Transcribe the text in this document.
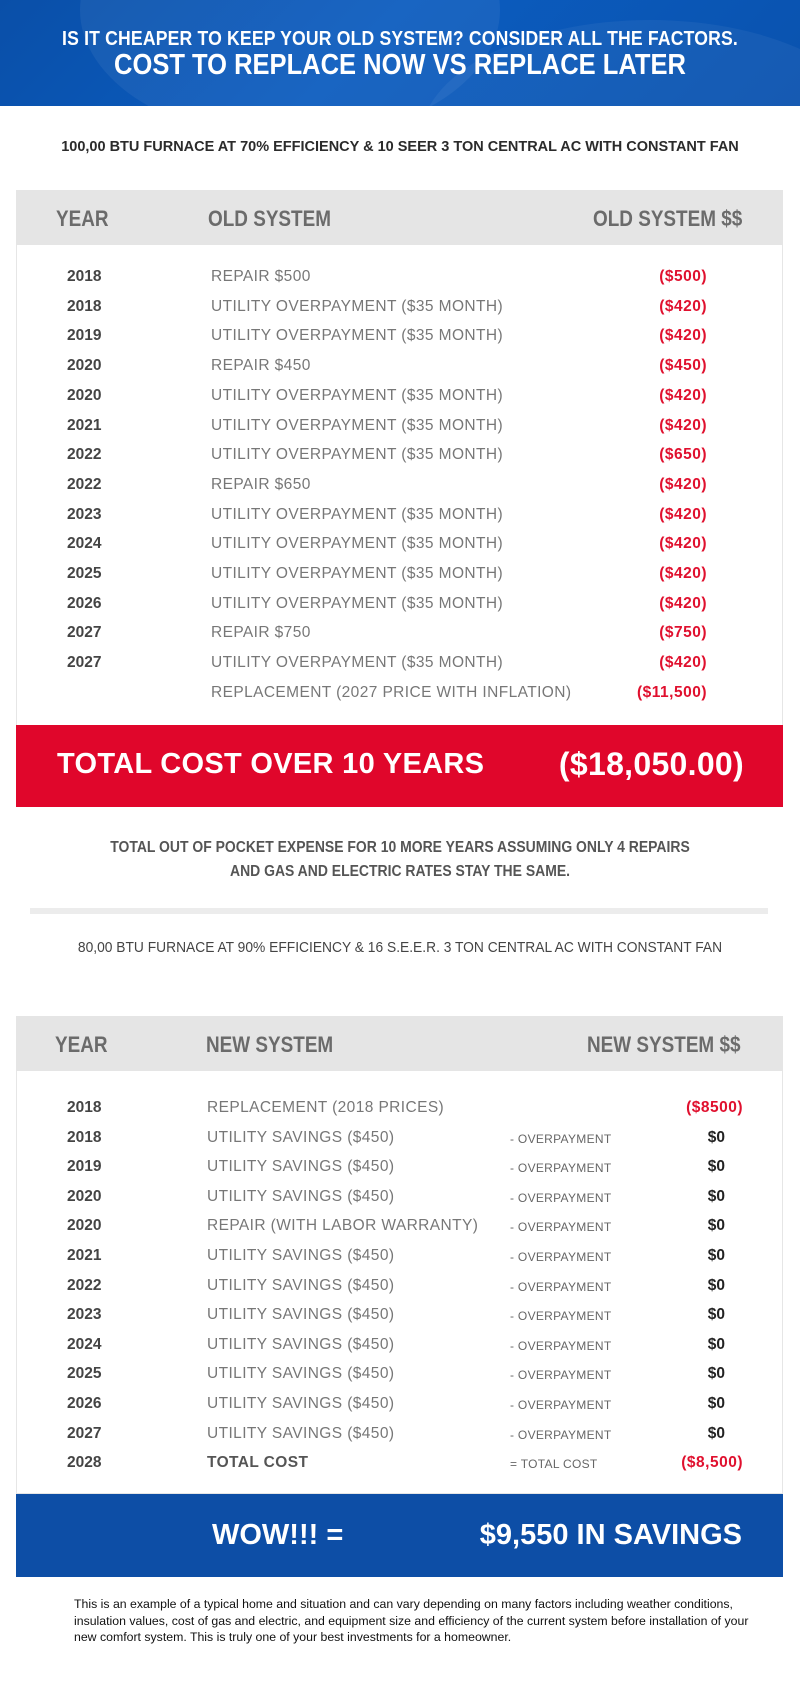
IS IT CHEAPER TO KEEP YOUR OLD SYSTEM? CONSIDER ALL THE FACTORS.
COST TO REPLACE NOW VS REPLACE LATER
100,00 BTU FURNACE AT 70% EFFICIENCY & 10 SEER 3 TON CENTRAL AC WITH CONSTANT FAN
YEAR	OLD SYSTEM	OLD SYSTEM $$
2018	REPAIR $500	($500)
2018	UTILITY OVERPAYMENT ($35 MONTH)	($420)
2019	UTILITY OVERPAYMENT ($35 MONTH)	($420)
2020	REPAIR $450	($450)
2020	UTILITY OVERPAYMENT ($35 MONTH)	($420)
2021	UTILITY OVERPAYMENT ($35 MONTH)	($420)
2022	UTILITY OVERPAYMENT ($35 MONTH)	($650)
2022	REPAIR $650	($420)
2023	UTILITY OVERPAYMENT ($35 MONTH)	($420)
2024	UTILITY OVERPAYMENT ($35 MONTH)	($420)
2025	UTILITY OVERPAYMENT ($35 MONTH)	($420)
2026	UTILITY OVERPAYMENT ($35 MONTH)	($420)
2027	REPAIR $750	($750)
2027	UTILITY OVERPAYMENT ($35 MONTH)	($420)
REPLACEMENT (2027 PRICE WITH INFLATION)	($11,500)
TOTAL COST OVER 10 YEARS ($18,050.00)
TOTAL OUT OF POCKET EXPENSE FOR 10 MORE YEARS ASSUMING ONLY 4 REPAIRS
AND GAS AND ELECTRIC RATES STAY THE SAME.
80,00 BTU FURNACE AT 90% EFFICIENCY & 16 S.E.E.R. 3 TON CENTRAL AC WITH CONSTANT FAN
YEAR	NEW SYSTEM	NEW SYSTEM $$
2018	REPLACEMENT (2018 PRICES)	($8500)
2018	UTILITY SAVINGS ($450)	- OVERPAYMENT	$0
2019	UTILITY SAVINGS ($450)	- OVERPAYMENT	$0
2020	UTILITY SAVINGS ($450)	- OVERPAYMENT	$0
2020	REPAIR (WITH LABOR WARRANTY)	- OVERPAYMENT	$0
2021	UTILITY SAVINGS ($450)	- OVERPAYMENT	$0
2022	UTILITY SAVINGS ($450)	- OVERPAYMENT	$0
2023	UTILITY SAVINGS ($450)	- OVERPAYMENT	$0
2024	UTILITY SAVINGS ($450)	- OVERPAYMENT	$0
2025	UTILITY SAVINGS ($450)	- OVERPAYMENT	$0
2026	UTILITY SAVINGS ($450)	- OVERPAYMENT	$0
2027	UTILITY SAVINGS ($450)	- OVERPAYMENT	$0
2028	TOTAL COST	= TOTAL COST	($8,500)
WOW!!! =	$9,550 IN SAVINGS
This is an example of a typical home and situation and can vary depending on many factors including weather conditions, insulation values, cost of gas and electric, and equipment size and efficiency of the current system before installation of your new comfort system. This is truly one of your best investments for a homeowner.
